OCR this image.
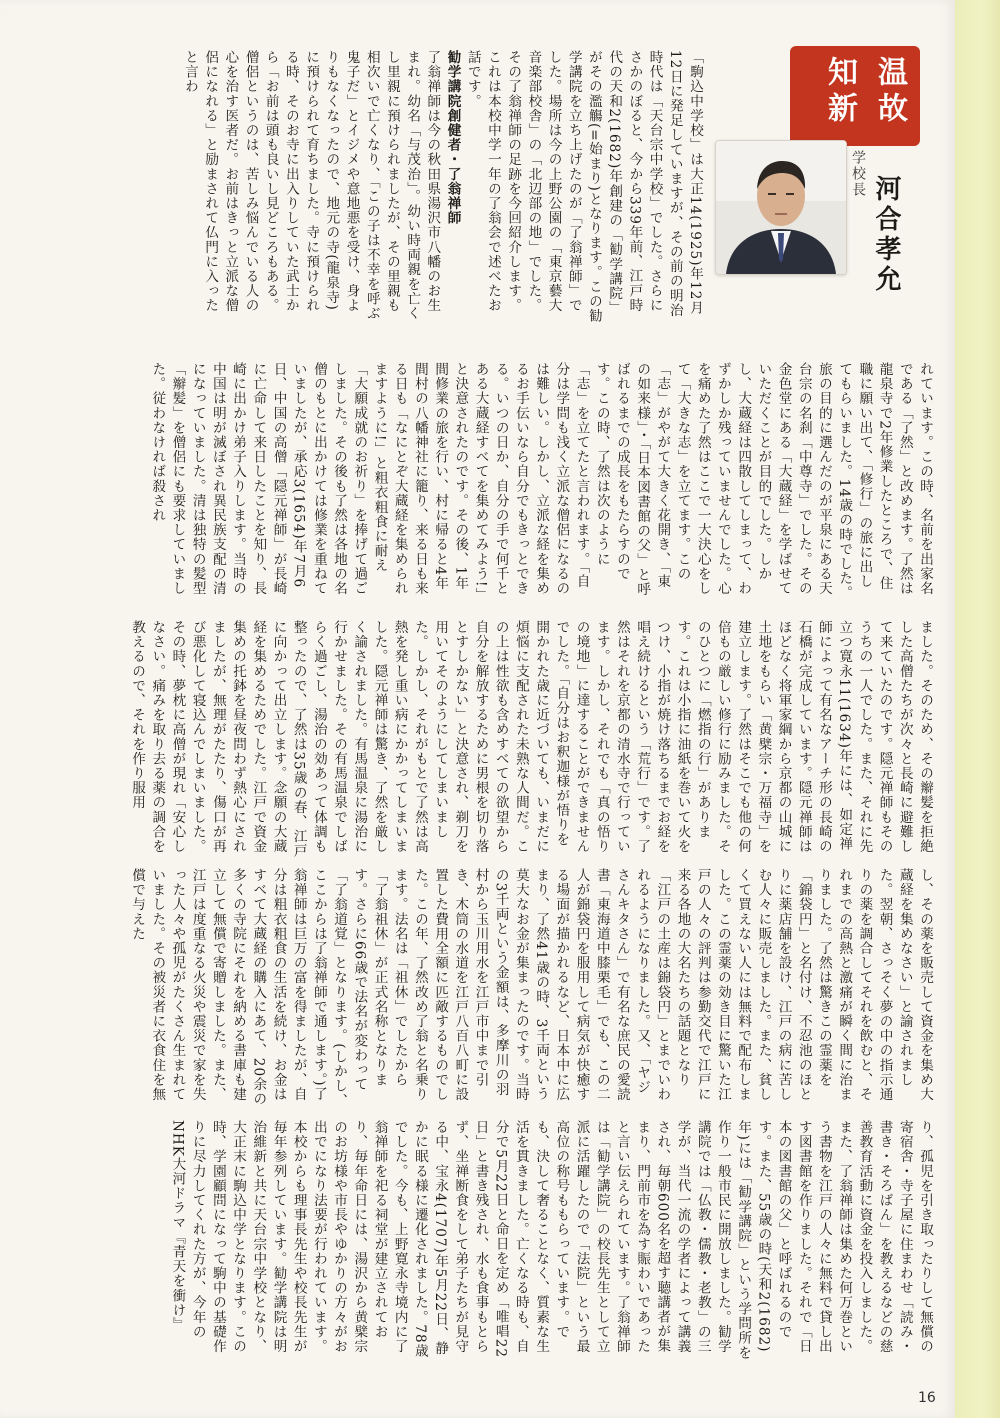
温故
知新
学校長
河合孝允

「駒込中学校」は大正14(1925)年12月12日に発足していますが、その前の明治時代は「天台宗中学校」でした。さらにさかのぼると、今から339年前、江戸時代の天和2(1682)年創建の「勧学講院」がその濫觴(=始まり)となります。この勧学講院を立ち上げたのが「了翁禅師」でした。場所は今の上野公園の「東京藝大音楽部校舎」の「北辺部の地」でした。その了翁禅師の足跡を今回紹介します。これは本校中学一年の了翁会で述べたお話です。

勧学講院創健者・了翁禅師

了翁禅師は今の秋田県湯沢市八幡のお生まれ。幼名「与茂治」。幼い時両親を亡くし里親に預けられましたが、その里親も相次いで亡くなり、「この子は不幸を呼ぶ鬼子だ」とイジメや意地悪を受け、身よりもなくなったので、地元の寺(龍泉寺)に預けられて育ちました。寺に預けられる時、そのお寺に出入りしていた武士から「お前は頭も良いし見どころもある。僧侶というのは、苦しみ悩んでいる人の心を治す医者だ。お前はきっと立派な僧侶になれる」と励まされて仏門に入ったと言わ

れています。この時、名前を出家名である「了然」と改めます。了然は龍泉寺で2年修業したところで、住職に願い出て、「修行」の旅に出してもらいました。14歳の時でした。旅の目的に選んだのが平泉にある天台宗の名刹「中尊寺」でした。その金色堂にある「大蔵経」を学ばせていただくことが目的でした。しかし、大蔵経は四散してしまって、わずかしか残っていませんでした。心を痛めた了然はここで一大決心をして「大きな志」を立てます。この「志」がやがて大きく花開き、「東の如来様」・「日本図書館の父」と呼ばれるまでの成長をもたらすのです。この時、了然は次のように「志」を立てたと言われます。「自分は学問も浅く立派な僧侶になるのは難しい。しかし、立派な経を集めるお手伝いなら自分でもきっとできる。いつの日か、自分の手で何千とある大蔵経すべてを集めてみよう!」と決意されたのです。その後、1年間修業の旅を行い、村に帰ると4年間村の八幡神社に籠り、来る日も来る日も「なにとぞ大蔵経を集められますように!」と粗衣粗食に耐え「大願成就のお祈り」を捧げて過ごしました。その後も了然は各地の名僧のもとに出かけては修業を重ねていましたが、承応3(1654)年7月6日、中国の高僧「隠元禅師」が長崎に亡命して来日したことを知り、長崎に出かけ弟子入りします。当時の中国は明が滅ぼされ異民族支配の清になっていました。清は独特の髪型「辮髪」を僧侶にも要求していました。従わなければ殺され

ました。そのため、その辮髪を拒絶した高僧たちが次々と長崎に避難して来ていたのです。隠元禅師もそのうちの一人でした。また、それに先立つ寛永11(1634)年には、如定禅師によって有名なアーチ形の長崎の石橋が完成しています。隠元禅師はほどなく将軍家綱から京都の山城に土地をもらい「黄檗宗・万福寺」を建立します。了然はそこでも他の何倍もの厳しい修行に励みました。そのひとつに「燃指の行」があります。これは小指に油紙を巻いて火をつけ、小指が焼け落ちるまでお経を唱え続けるという「荒行」です。了然はそれを京都の清水寺で行っています。しかし、それでも「真の悟りの境地」に達することができませんでした。「自分はお釈迦様が悟りを開かれた歳に近づいても、いまだに煩悩に支配された未熟な人間だ。この上は性欲も含めすべての欲望から自分を解放するために男根を切り落とすしかない」と決意され、剃刀を用いてそのようにしてしまいました。しかし、それがもとで了然は高熱を発し重い病にかかってしまいました。隠元禅師は驚き、了然を厳しく諭されました。有馬温泉に湯治に行かせました。その有馬温泉でしばらく過ごし、湯治の効あって体調も整ったので、了然は35歳の春、江戸に向かって出立します。念願の大蔵経を集めるためでした。江戸で資金集めの托鉢を昼夜問わず熱心にされましたが、無理がたたり、傷口が再び悪化して寝込んでしまいました。その時、夢枕に高僧が現れ「安心しなさい。痛みを取り去る薬の調合を教えるので、それを作り服用

し、その薬を販売して資金を集め大蔵経を集めなさい」と諭されました。翌朝、さっそく夢の中の指示通りの薬を調合してそれを飲むと、それまでの高熱と激痛が瞬く間に治まりました。了然は驚きこの霊薬を「錦袋円」と名付け、不忍池のほとりに薬店舗を設け、江戸の病に苦しむ人々に販売しました。また、貧しくて買えない人には無料で配布しました。この霊薬の効き目に驚いた江戸の人々の評判は参勤交代で江戸に来る各地の大名たちの話題となり「江戸の土産は錦袋円」とまでいわれるようになりました。又、「ヤジさんキタさん」で有名な庶民の愛読書「東海道中膝栗毛」でも、この二人が錦袋円を服用して病気が快癒する場面が描かれるなど、日本中に広まり、了然41歳の時、3千両という莫大なお金が集まったのです。当時の3千両という金額は、多摩川の羽村から玉川用水を江戸市中まで引き、木筒の水道を江戸八百八町に設置した費用全額に匹敵するものでした。この年、了然改め了翁と名乗ります。法名は「祖休」でしたから「了翁祖休」が正式名称となります。さらに66歳で法名が変わって「了翁道覚」となります。(しかし、ここからは了翁禅師で通します。)了翁禅師は巨万の富を得ましたが、自分は粗衣粗食の生活を続け、お金はすべて大蔵経の購入にあて、20余の多くの寺院にそれを納める書庫も建立して無償で寄贈しました。また、江戸は度重なる火災や震災で家を失った人々や孤児がたくさん生まれていました。その被災者に衣食住を無償で与えた

り、孤児を引き取ったりして無償の寄宿舎・寺子屋に住まわせ「読み・書き・そろばん」を教えるなどの慈善教育活動に資金を投入しました。また、了翁禅師は集めた何万巻という書物を江戸の人々に無料で貸し出す図書館を作りました。それで「日本の図書館の父」と呼ばれるのです。また、55歳の時(天和2(1682)年)には「勧学講院」という学問所を作り一般市民に開放しました。勧学講院では「仏教・儒教・老教」の三学が、当代一流の学者によって講義され、毎朝600名を超す聴講者が集まり、門前市を為す賑わいであったと言い伝えられています。了翁禅師は「勧学講院」の校長先生として立派に活躍したので「法院」という最高位の称号ももらっています。でも、決して奢ることなく、質素な生活を貫きました。亡くなる時も、自分で5月22日と命日を定め「唯唱22日」と書き残され、水も食事もとらず、坐禅断食をして弟子たちが見守る中、宝永4(1707)年5月22日、静かに眠る様に遷化されました。78歳でした。今も、上野寛永寺境内に了翁禅師を祀る祠堂が建立されており、毎年命日には、湯沢から黄檗宗のお坊様や市長やゆかりの方々がお出でになり法要が行われています。本校からも理事長先生や校長先生が毎年参列しています。勧学講院は明治維新と共に天台宗中学校となり、大正末に駒込中学となります。この時、学園顧問になって駒中の基礎作りに尽力してくれた方が、今年のNHK大河ドラマ『青天を衝け』

16
